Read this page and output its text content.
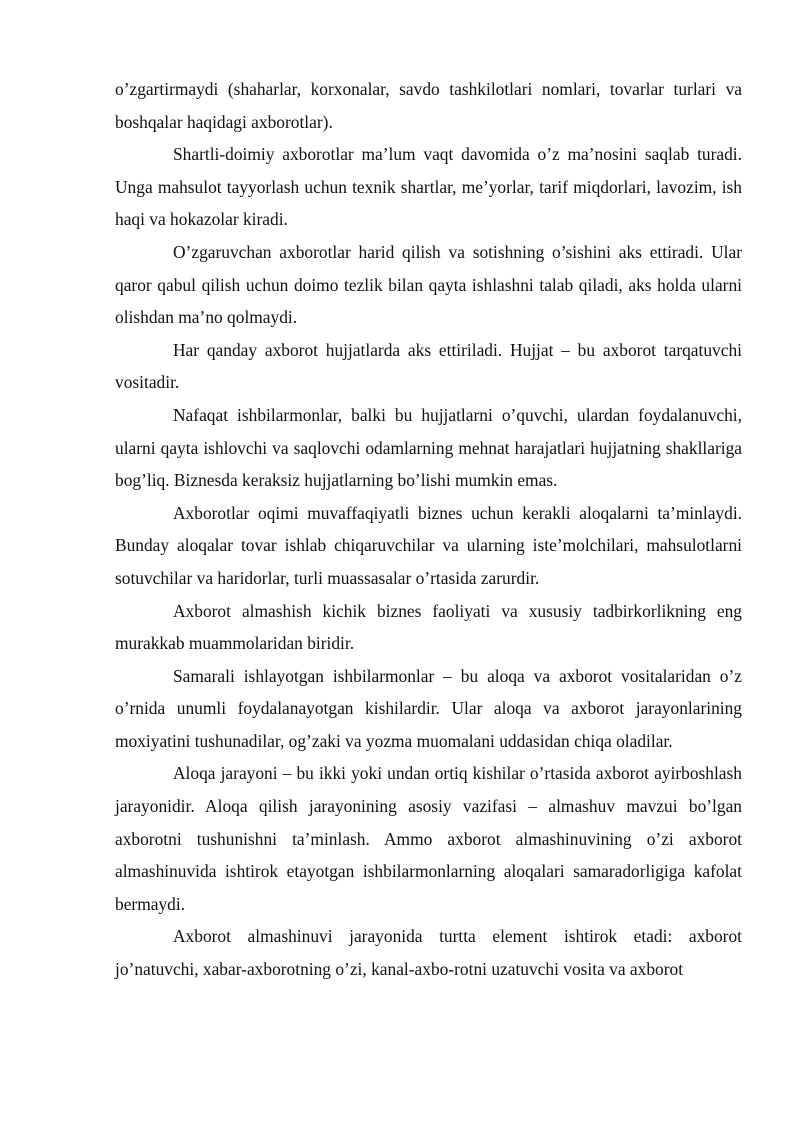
o’zgartirmaydi (shaharlar, korxonalar, savdo tashkilotlari nomlari, tovarlar turlari va boshqalar haqidagi axborotlar).

Shartli-doimiy axborotlar ma’lum vaqt davomida o’z ma’nosini saqlab turadi. Unga mahsulot tayyorlash uchun texnik shartlar, me’yorlar, tarif miqdorlari, lavozim, ish haqi va hokazolar kiradi.

O’zgaruvchan axborotlar harid qilish va sotishning o’sishini aks ettiradi. Ular qaror qabul qilish uchun doimo tezlik bilan qayta ishlashni talab qiladi, aks holda ularni olishdan ma’no qolmaydi.

Har qanday axborot hujjatlarda aks ettiriladi. Hujjat – bu axborot tarqatuvchi vositadir.

Nafaqat ishbilarmonlar, balki bu hujjatlarni o’quvchi, ulardan foydalanuvchi, ularni qayta ishlovchi va saqlovchi odamlarning mehnat harajatlari hujjatning shakllariga bog’liq. Biznesda keraksiz hujjatlarning bo’lishi mumkin emas.

Axborotlar oqimi muvaffaqiyatli biznes uchun kerakli aloqalarni ta’minlaydi. Bunday aloqalar tovar ishlab chiqaruvchilar va ularning iste’molchilari, mahsulotlarni sotuvchilar va haridorlar, turli muassasalar o’rtasida zarurdir.

Axborot almashish kichik biznes faoliyati va xususiy tadbirkorlikning eng murakkab muammolaridan biridir.

Samarali ishlayotgan ishbilarmonlar – bu aloqa va axborot vositalaridan o’z o’rnida unumli foydalanayotgan kishilardir. Ular aloqa va axborot jarayonlarining moxiyatini tushunadilar, og’zaki va yozma muomalani uddasidan chiqa oladilar.

Aloqa jarayoni – bu ikki yoki undan ortiq kishilar o’rtasida axborot ayirboshlash jarayonidir. Aloqa qilish jarayonining asosiy vazifasi – almashuv mavzui bo’lgan axborotni tushunishni ta’minlash. Ammo axborot almashinuvining o’zi axborot almashinuvida ishtirok etayotgan ishbilarmonlarning aloqalari samaradorligiga kafolat bermaydi.

Axborot almashinuvi jarayonida turtta element ishtirok etadi: axborot jo’natuvchi, xabar-axborotning o’zi, kanal-axbo-rotni uzatuvchi vosita va axborot
